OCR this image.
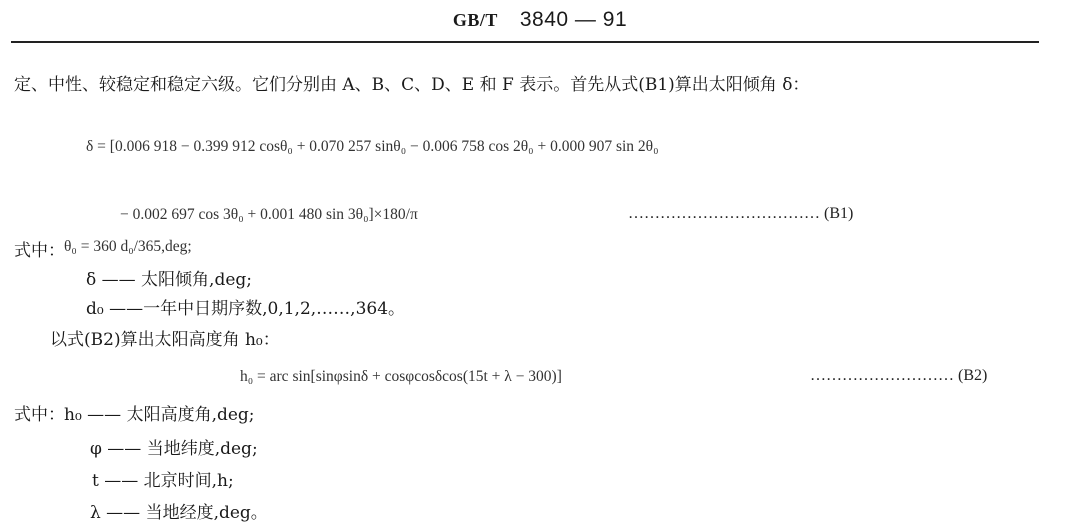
GB/T 3840 — 91
定、中性、较稳定和稳定六级。它们分别由 A、B、C、D、E 和 F 表示。首先从式(B1)算出太阳倾角 δ：
δ = [0.006 918 − 0.399 912 cosθ₀ + 0.070 257 sinθ₀ − 0.006 758 cos 2θ₀ + 0.000 907 sin 2θ₀
− 0.002 697 cos 3θ₀ + 0.001 480 sin 3θ₀]×180/π	……………………………… (B1)
式中： θ₀ = 360 d₀/365,deg;
δ —— 太阳倾角,deg;
d₀ ——一年中日期序数,0,1,2,……,364。
以式(B2)算出太阳高度角 h₀：
h₀ = arc sin[sinφsinδ + cosφcosδcos(15t + λ − 300)]	……………………… (B2)
式中： h₀ —— 太阳高度角,deg;
φ —— 当地纬度,deg;
t —— 北京时间,h;
λ —— 当地经度,deg。
